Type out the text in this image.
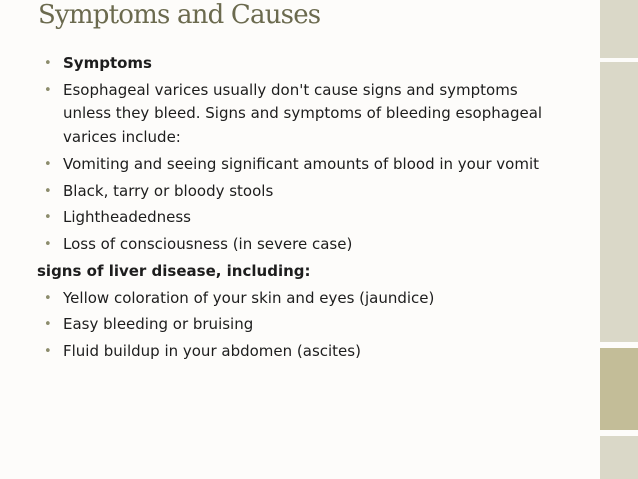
Symptoms and Causes
• Symptoms
• Esophageal varices usually don't cause signs and symptoms unless they bleed. Signs and symptoms of bleeding esophageal varices include:
• Vomiting and seeing significant amounts of blood in your vomit
• Black, tarry or bloody stools
• Lightheadedness
• Loss of consciousness (in severe case)
signs of liver disease, including:
• Yellow coloration of your skin and eyes (jaundice)
• Easy bleeding or bruising
• Fluid buildup in your abdomen (ascites)
